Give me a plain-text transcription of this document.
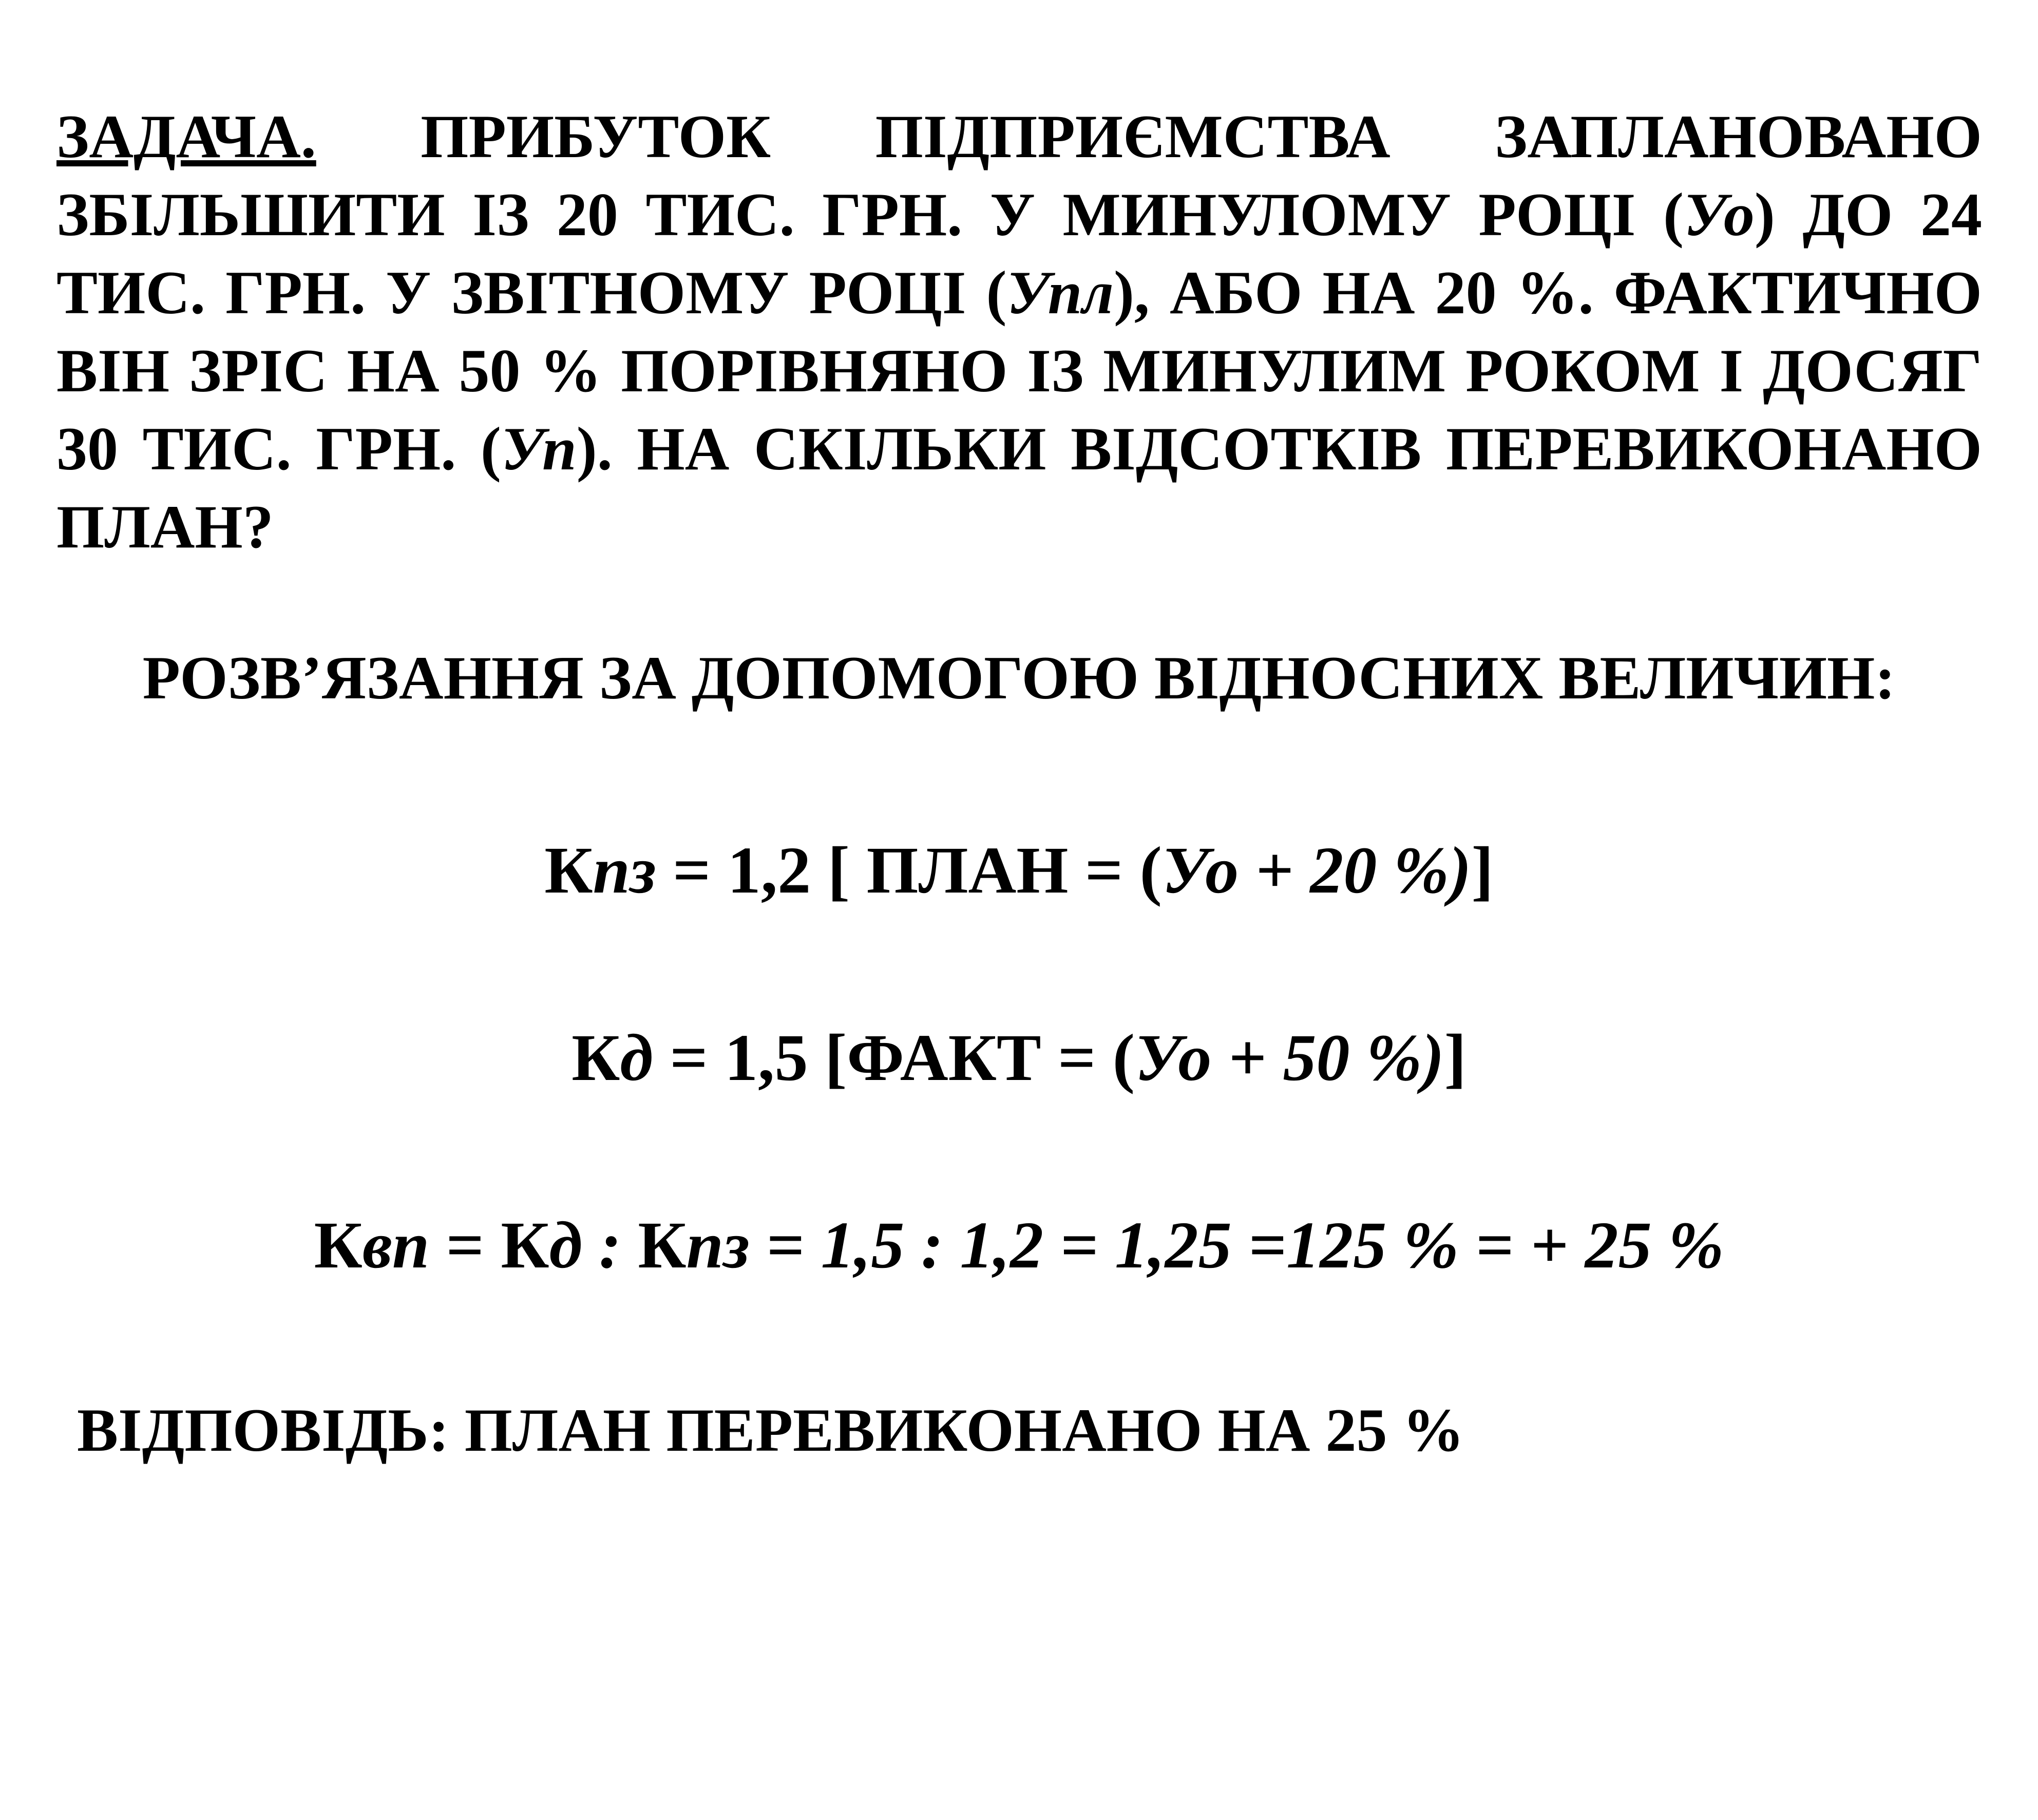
ЗАДАЧА. ПРИБУТОК ПІДПРИЄМСТВА ЗАПЛАНОВАНО ЗБІЛЬШИТИ ІЗ 20 ТИС. ГРН. У МИНУЛОМУ РОЦІ (Уо) ДО 24 ТИС. ГРН. У ЗВІТНОМУ РОЦІ (Упл), АБО НА 20 %. ФАКТИЧНО ВІН ЗРІС НА 50 % ПОРІВНЯНО ІЗ МИНУЛИМ РОКОМ І ДОСЯГ 30 ТИС. ГРН. (Уп). НА СКІЛЬКИ ВІДСОТКІВ ПЕРЕВИКОНАНО ПЛАН?

РОЗВ’ЯЗАННЯ ЗА ДОПОМОГОЮ ВІДНОСНИХ ВЕЛИЧИН:
Кпз = 1,2 [ ПЛАН = (Уо + 20 %)]
Кд = 1,5 [ФАКТ = (Уо + 50 %)]
Квп = Кд : Кпз = 1,5 : 1,2 = 1,25 =125 % = + 25 %
ВІДПОВІДЬ: ПЛАН ПЕРЕВИКОНАНО НА 25 %
